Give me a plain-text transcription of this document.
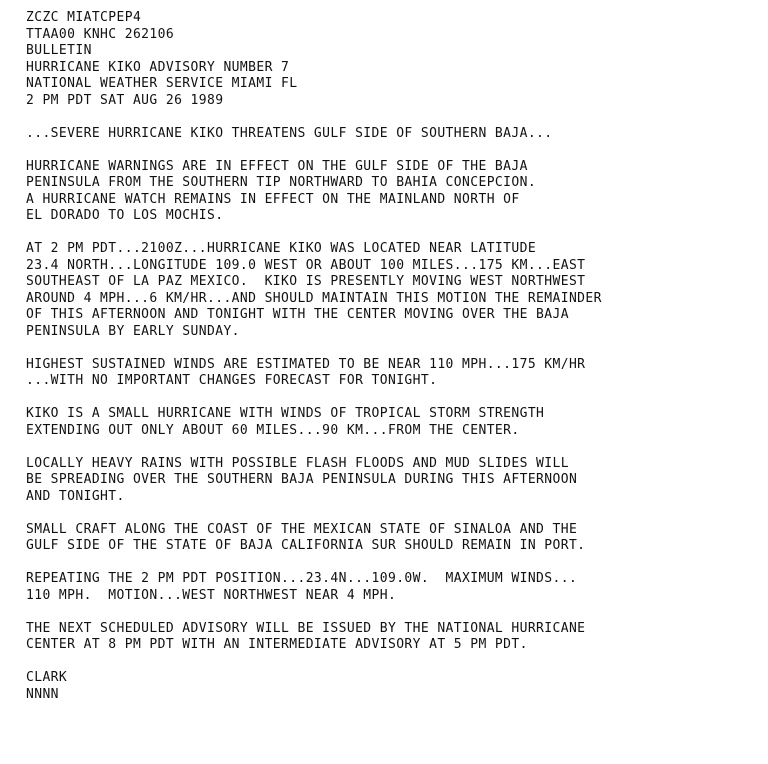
ZCZC MIATCPEP4
TTAA00 KNHC 262106
BULLETIN
HURRICANE KIKO ADVISORY NUMBER 7
NATIONAL WEATHER SERVICE MIAMI FL
2 PM PDT SAT AUG 26 1989
...SEVERE HURRICANE KIKO THREATENS GULF SIDE OF SOUTHERN BAJA...
HURRICANE WARNINGS ARE IN EFFECT ON THE GULF SIDE OF THE BAJA
PENINSULA FROM THE SOUTHERN TIP NORTHWARD TO BAHIA CONCEPCION.
A HURRICANE WATCH REMAINS IN EFFECT ON THE MAINLAND NORTH OF
EL DORADO TO LOS MOCHIS.
AT 2 PM PDT...2100Z...HURRICANE KIKO WAS LOCATED NEAR LATITUDE
23.4 NORTH...LONGITUDE 109.0 WEST OR ABOUT 100 MILES...175 KM...EAST
SOUTHEAST OF LA PAZ MEXICO.  KIKO IS PRESENTLY MOVING WEST NORTHWEST
AROUND 4 MPH...6 KM/HR...AND SHOULD MAINTAIN THIS MOTION THE REMAINDER
OF THIS AFTERNOON AND TONIGHT WITH THE CENTER MOVING OVER THE BAJA
PENINSULA BY EARLY SUNDAY.
HIGHEST SUSTAINED WINDS ARE ESTIMATED TO BE NEAR 110 MPH...175 KM/HR
...WITH NO IMPORTANT CHANGES FORECAST FOR TONIGHT.
KIKO IS A SMALL HURRICANE WITH WINDS OF TROPICAL STORM STRENGTH
EXTENDING OUT ONLY ABOUT 60 MILES...90 KM...FROM THE CENTER.
LOCALLY HEAVY RAINS WITH POSSIBLE FLASH FLOODS AND MUD SLIDES WILL
BE SPREADING OVER THE SOUTHERN BAJA PENINSULA DURING THIS AFTERNOON
AND TONIGHT.
SMALL CRAFT ALONG THE COAST OF THE MEXICAN STATE OF SINALOA AND THE
GULF SIDE OF THE STATE OF BAJA CALIFORNIA SUR SHOULD REMAIN IN PORT.
REPEATING THE 2 PM PDT POSITION...23.4N...109.0W.  MAXIMUM WINDS...
110 MPH.  MOTION...WEST NORTHWEST NEAR 4 MPH.
THE NEXT SCHEDULED ADVISORY WILL BE ISSUED BY THE NATIONAL HURRICANE
CENTER AT 8 PM PDT WITH AN INTERMEDIATE ADVISORY AT 5 PM PDT.
CLARK
NNNN
